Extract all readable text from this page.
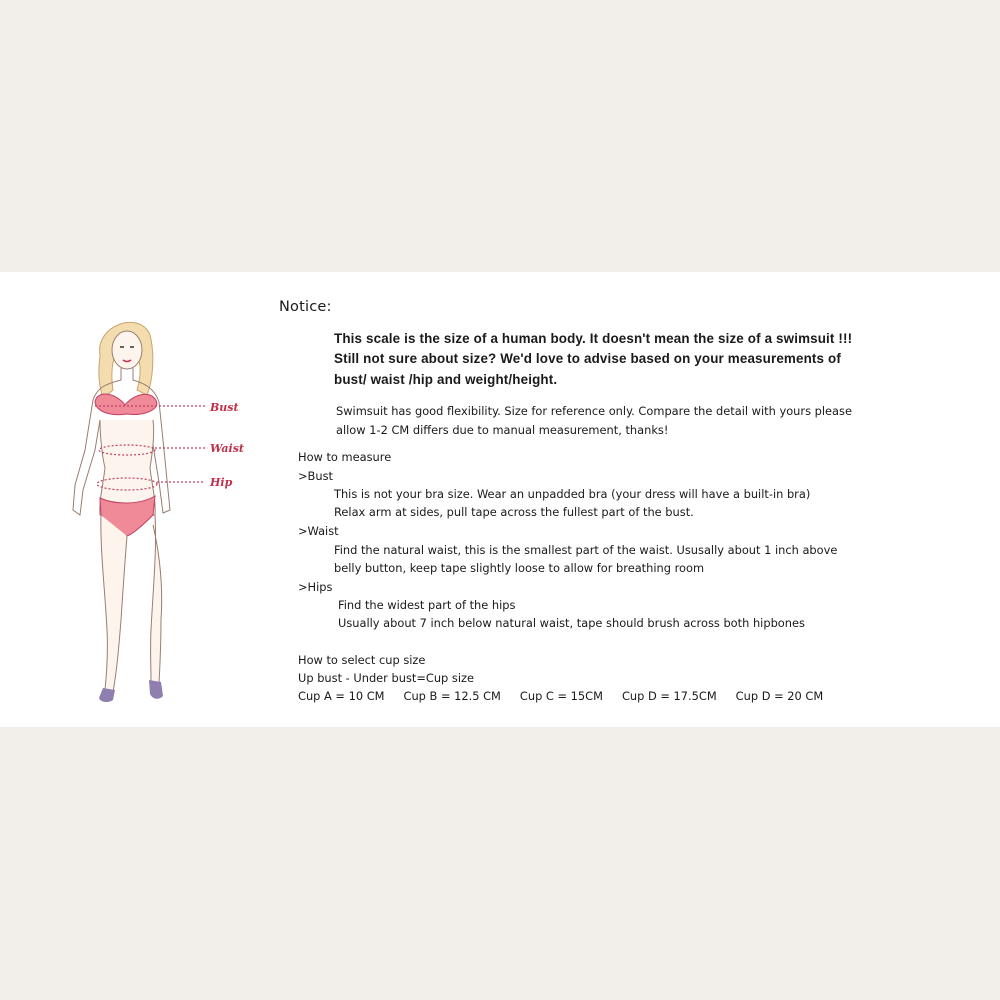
Bust
Waist
Hip
Notice:
This scale is the size of a human body. It doesn't mean the size of a swimsuit !!!
Still not sure about size? We'd love to advise based on your measurements of
bust/ waist /hip and weight/height.
Swimsuit has good flexibility. Size for reference only. Compare the detail with yours please
allow 1-2 CM differs due to manual measurement, thanks!
How to measure
>Bust
This is not your bra size. Wear an unpadded bra (your dress will have a built-in bra)
Relax arm at sides, pull tape across the fullest part of the bust.
>Waist
Find the natural waist, this is the smallest part of the waist. Ususally about 1 inch above
belly button, keep tape slightly loose to allow for breathing room
>Hips
Find the widest part of the hips
Usually about 7 inch below natural waist, tape should brush across both hipbones
How to select cup size
Up bust - Under bust=Cup size
Cup A = 10 CM Cup B = 12.5 CM Cup C = 15CM Cup D = 17.5CM Cup D = 20 CM
